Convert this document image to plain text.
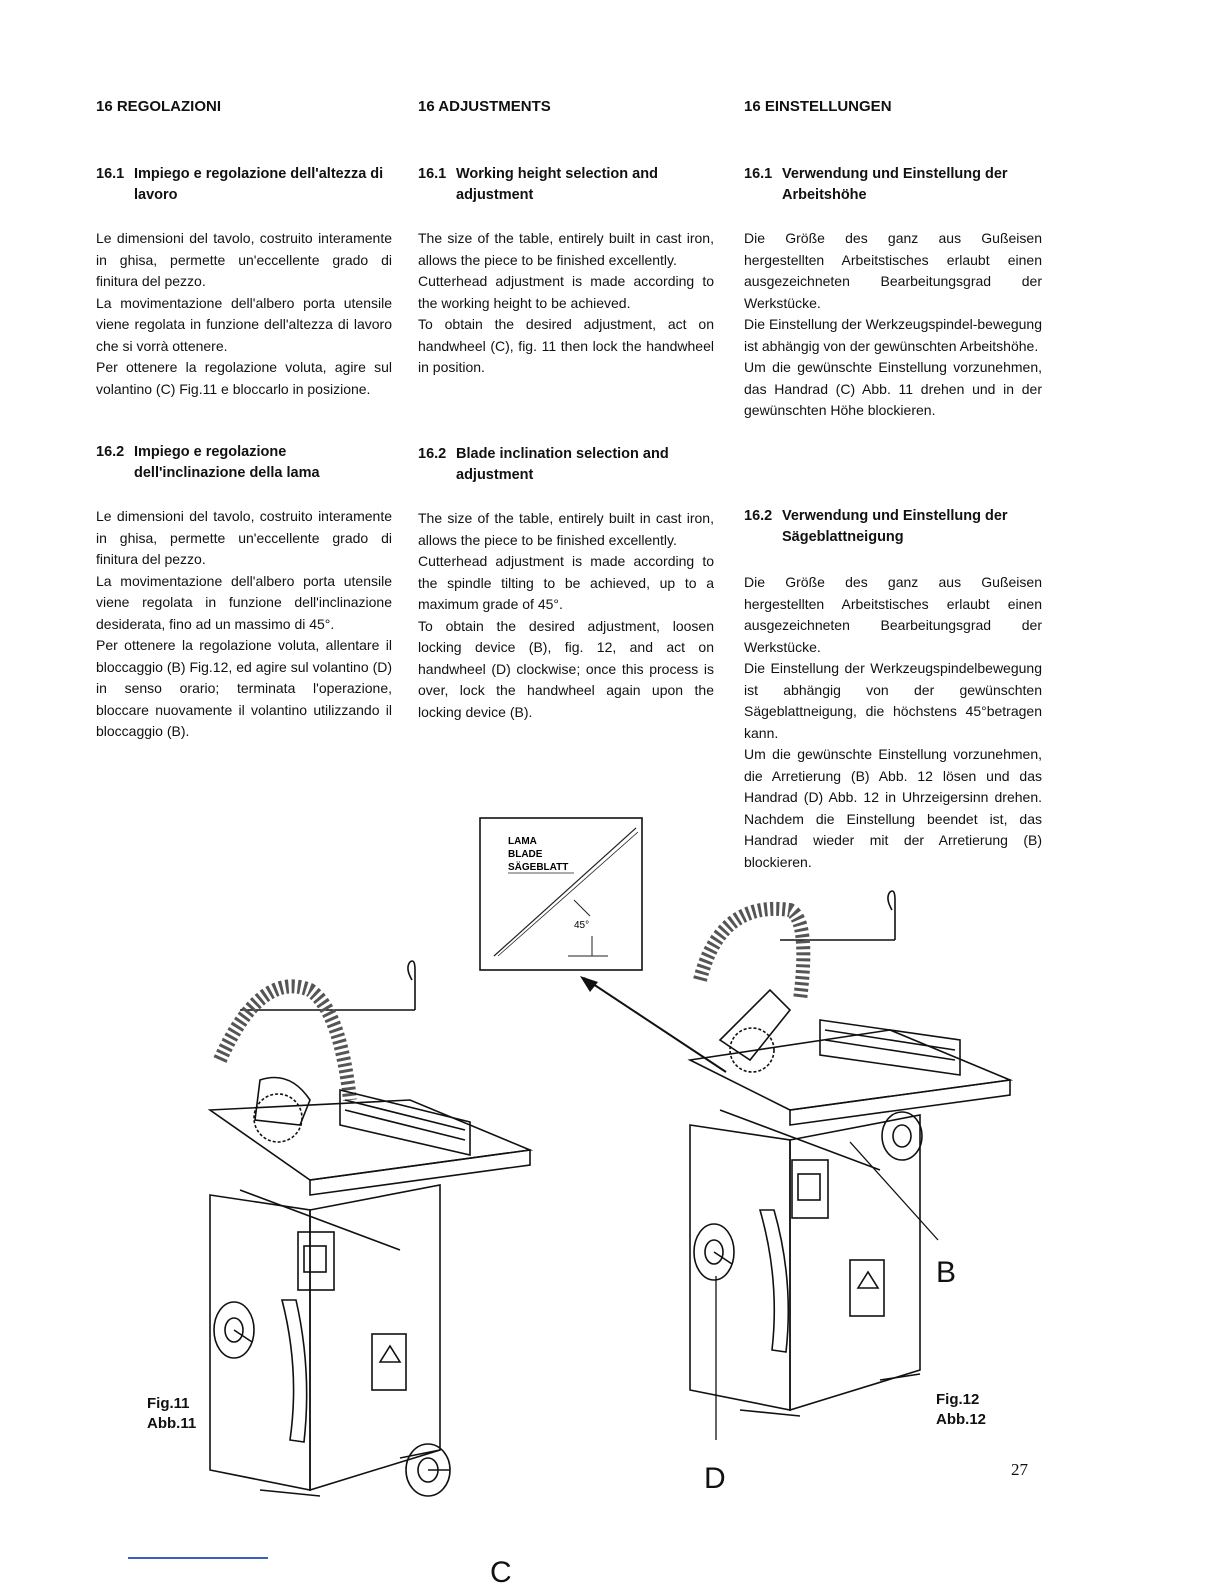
16 REGOLAZIONI
16.1 Impiego e regolazione dell'altezza di lavoro

Le dimensioni del tavolo, costruito interamente in ghisa, permette un'eccellente grado di finitura del pezzo.

La movimentazione dell'albero porta utensile viene regolata in funzione dell'altezza di lavoro che si vorrà ottenere.

Per ottenere la regolazione voluta, agire sul volantino (C) Fig.11 e bloccarlo in posizione.

16.2 Impiego e regolazione dell'inclinazione della lama

Le dimensioni del tavolo, costruito interamente in ghisa, permette un'eccellente grado di finitura del pezzo.

La movimentazione dell'albero porta utensile viene regolata in funzione dell'inclinazione desiderata, fino ad un massimo di 45°.

Per ottenere la regolazione voluta, allentare il bloccaggio (B) Fig.12, ed agire sul volantino (D) in senso orario; terminata l'operazione, bloccare nuovamente il volantino utilizzando il bloccaggio (B).

16 ADJUSTMENTS
16.1 Working height selection and adjustment

The size of the table, entirely built in cast iron, allows the piece to be finished excellently.

Cutterhead adjustment is made according to the working height to be achieved.

To obtain the desired adjustment, act on handwheel (C), fig. 11 then lock the handwheel in position.

16.2 Blade inclination selection and adjustment

The size of the table, entirely built in cast iron, allows the piece to be finished excellently.

Cutterhead adjustment is made according to the spindle tilting to be achieved, up to a maximum grade of 45°.

To obtain the desired adjustment, loosen locking device (B), fig. 12, and act on handwheel (D) clockwise; once this process is over, lock the handwheel again upon the locking device (B).

16 EINSTELLUNGEN
16.1 Verwendung und Einstellung der Arbeitshöhe

Die Größe des ganz aus Gußeisen hergestellten Arbeitstisches erlaubt einen ausgezeichneten Bearbeitungsgrad der Werkstücke.

Die Einstellung der Werkzeugspindel-bewegung ist abhängig von der gewünschten Arbeitshöhe.

Um die gewünschte Einstellung vorzunehmen, das Handrad (C) Abb. 11 drehen und in der gewünschten Höhe blockieren.

16.2 Verwendung und Einstellung der Sägeblattneigung

Die Größe des ganz aus Gußeisen hergestellten Arbeitstisches erlaubt einen ausgezeichneten Bearbeitungsgrad der Werkstücke.

Die Einstellung der Werkzeugspindelbewegung ist abhängig von der gewünschten Sägeblattneigung, die höchstens 45°betragen kann.

Um die gewünschte Einstellung vorzunehmen, die Arretierung (B) Abb. 12 lösen und das Handrad (D) Abb. 12 in Uhrzeigersinn drehen. Nachdem die Einstellung beendet ist, das Handrad wieder mit der Arretierung (B) blockieren.

LAMA
BLADE
SÄGEBLATT
45°
C
B
D
Fig.11
Abb.11
Fig.12
Abb.12
27
